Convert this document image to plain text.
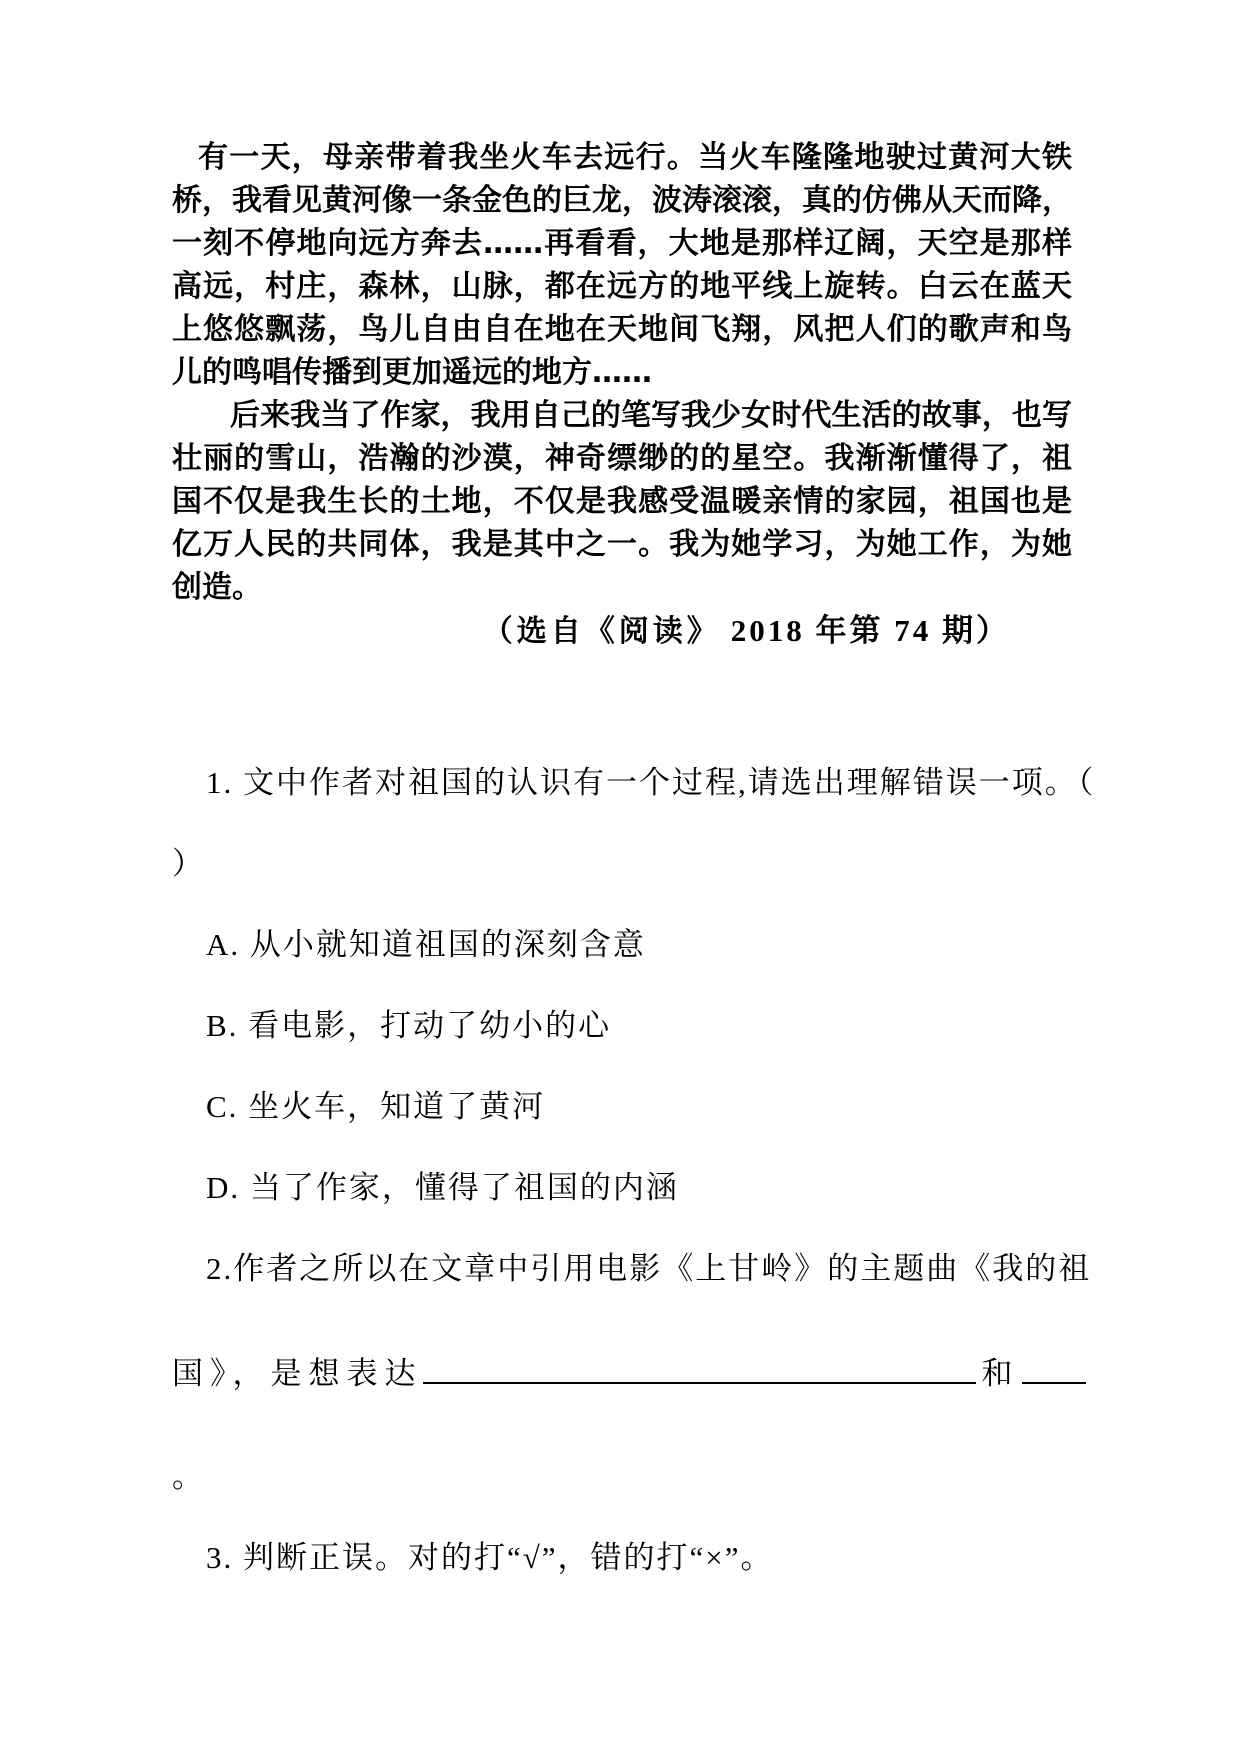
有一天，母亲带着我坐火车去远行。当火车隆隆地驶过黄河大铁
桥，我看见黄河像一条金色的巨龙，波涛滚滚，真的仿佛从天而降，
一刻不停地向远方奔去……再看看，大地是那样辽阔，天空是那样
高远，村庄，森林，山脉，都在远方的地平线上旋转。白云在蓝天
上悠悠飘荡，鸟儿自由自在地在天地间飞翔，风把人们的歌声和鸟
儿的鸣唱传播到更加遥远的地方……
后来我当了作家，我用自己的笔写我少女时代生活的故事，也写
壮丽的雪山，浩瀚的沙漠，神奇缥缈的的星空。我渐渐懂得了，祖
国不仅是我生长的土地，不仅是我感受温暖亲情的家园，祖国也是
亿万人民的共同体，我是其中之一。我为她学习，为她工作，为她
创造。
（选自《阅读》 2018 年第 74 期）
1. 文中作者对祖国的认识有一个过程,请选出理解错误一项。（
）
A. 从小就知道祖国的深刻含意
B. 看电影，打动了幼小的心
C. 坐火车，知道了黄河
D. 当了作家，懂得了祖国的内涵
2.作者之所以在文章中引用电影《上甘岭》的主题曲《我的祖
国》，是想表达	和
。
3. 判断正误。对的打“√”，错的打“×”。
